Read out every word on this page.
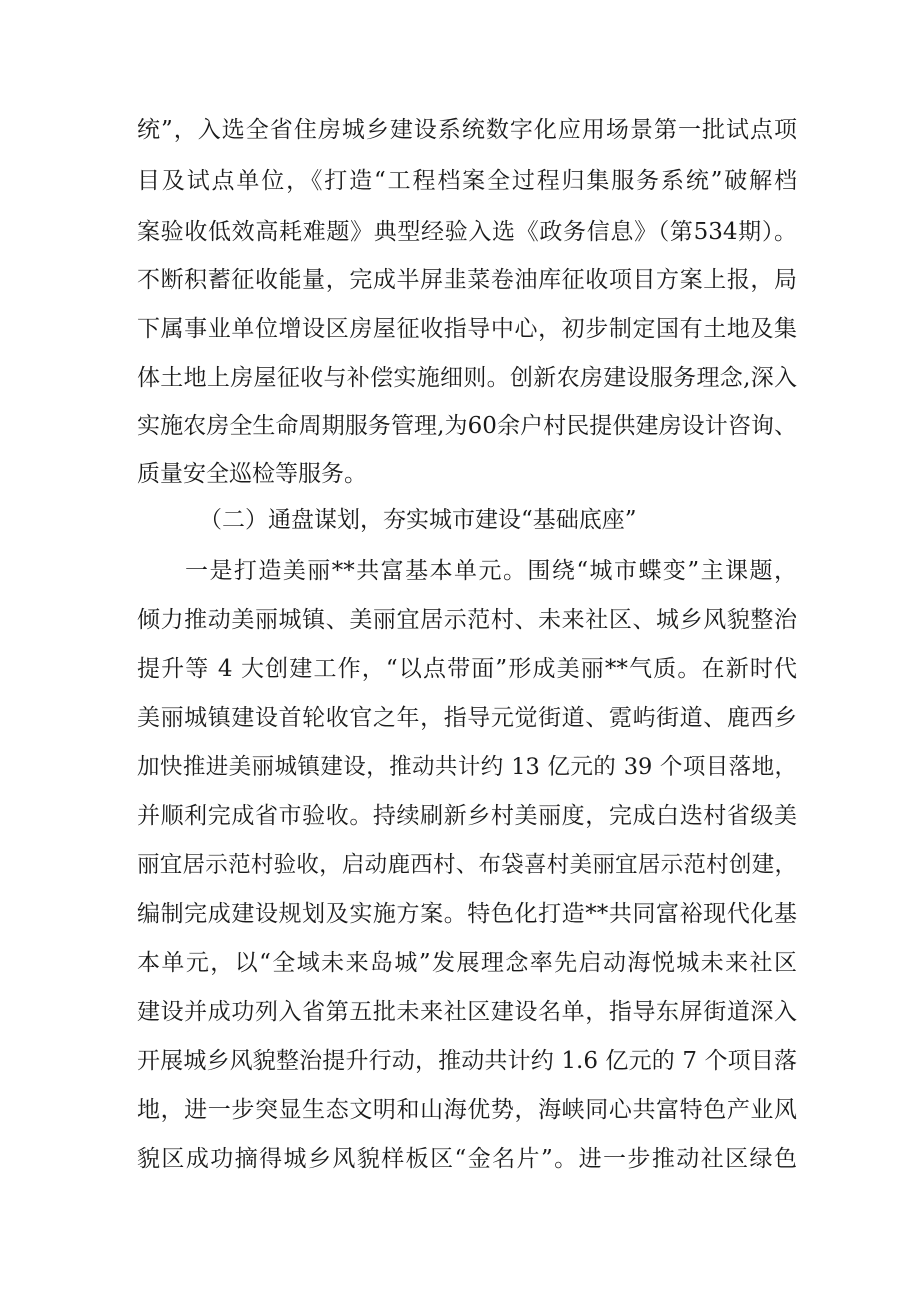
统”，入选全省住房城乡建设系统数字化应用场景第一批试点项
目及试点单位，《打造“工程档案全过程归集服务系统”破解档
案验收低效高耗难题》典型经验入选《政务信息》（第534期）。
不断积蓄征收能量，完成半屏韭菜卷油库征收项目方案上报，局
下属事业单位增设区房屋征收指导中心，初步制定国有土地及集
体土地上房屋征收与补偿实施细则。创新农房建设服务理念,深入
实施农房全生命周期服务管理,为60余户村民提供建房设计咨询、
质量安全巡检等服务。
（二）通盘谋划，夯实城市建设“基础底座”
一是打造美丽**共富基本单元。围绕“城市蝶变”主课题，
倾力推动美丽城镇、美丽宜居示范村、未来社区、城乡风貌整治
提升等 4 大创建工作，“以点带面”形成美丽**气质。在新时代
美丽城镇建设首轮收官之年，指导元觉街道、霓屿街道、鹿西乡
加快推进美丽城镇建设，推动共计约 13 亿元的 39 个项目落地，
并顺利完成省市验收。持续刷新乡村美丽度，完成白迭村省级美
丽宜居示范村验收，启动鹿西村、布袋喜村美丽宜居示范村创建，
编制完成建设规划及实施方案。特色化打造**共同富裕现代化基
本单元，以“全域未来岛城”发展理念率先启动海悦城未来社区
建设并成功列入省第五批未来社区建设名单，指导东屏街道深入
开展城乡风貌整治提升行动，推动共计约 1.6 亿元的 7 个项目落
地，进一步突显生态文明和山海优势，海峡同心共富特色产业风
貌区成功摘得城乡风貌样板区“金名片”。进一步推动社区绿色
